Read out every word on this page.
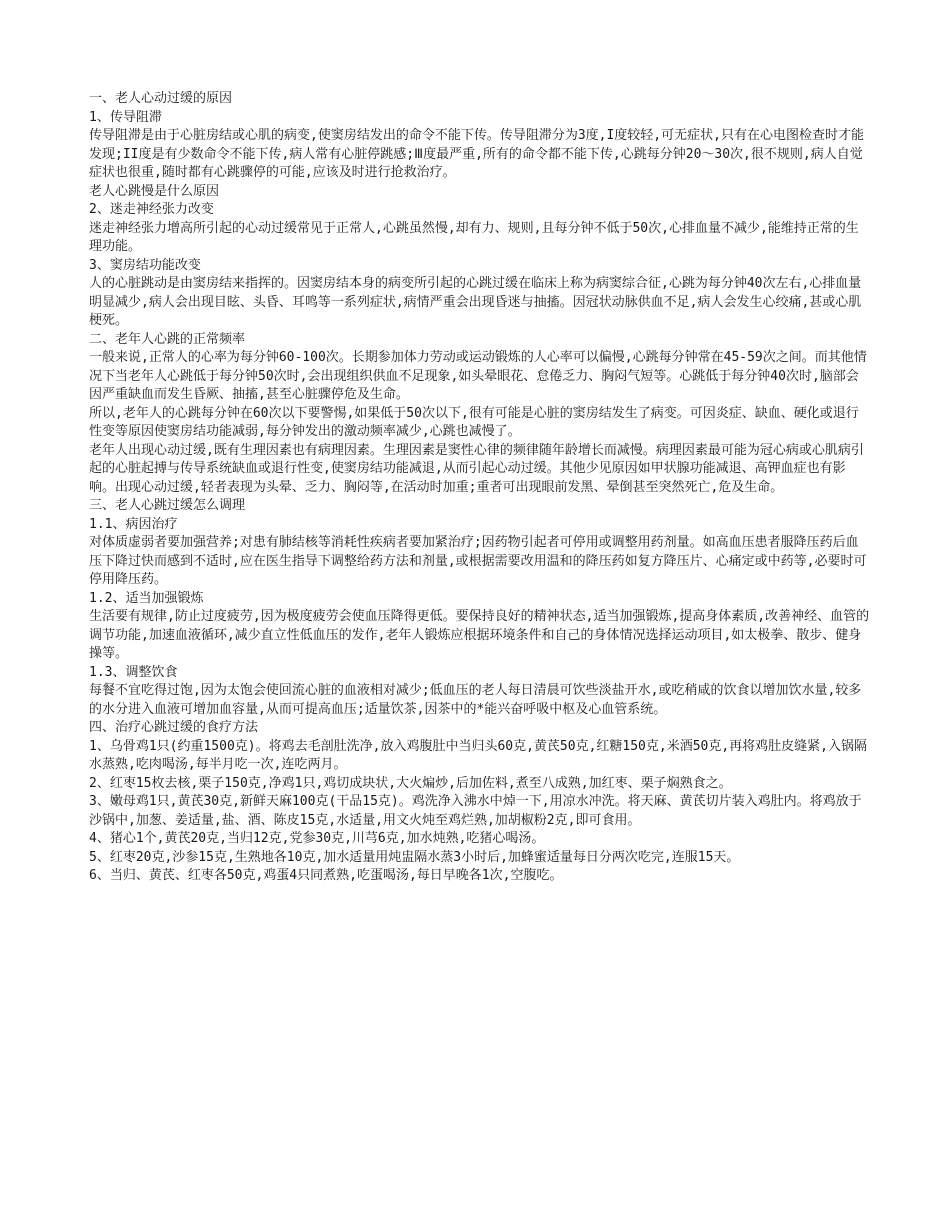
一、老人心动过缓的原因

1、传导阻滞

传导阻滞是由于心脏房结或心肌的病变,使窦房结发出的命令不能下传。传导阻滞分为3度,I度较轻,可无症状,只有在心电图检查时才能发现;II度是有少数命令不能下传,病人常有心脏停跳感;Ⅲ度最严重,所有的命令都不能下传,心跳每分钟20～30次,很不规则,病人自觉症状也很重,随时都有心跳骤停的可能,应该及时进行抢救治疗。

老人心跳慢是什么原因

2、迷走神经张力改变

迷走神经张力增高所引起的心动过缓常见于正常人,心跳虽然慢,却有力、规则,且每分钟不低于50次,心排血量不减少,能维持正常的生理功能。

3、窦房结功能改变

人的心脏跳动是由窦房结来指挥的。因窦房结本身的病变所引起的心跳过缓在临床上称为病窦综合征,心跳为每分钟40次左右,心排血量明显减少,病人会出现目眩、头昏、耳鸣等一系列症状,病情严重会出现昏迷与抽搐。因冠状动脉供血不足,病人会发生心绞痛,甚或心肌梗死。

二、老年人心跳的正常频率

一般来说,正常人的心率为每分钟60-100次。长期参加体力劳动或运动锻炼的人心率可以偏慢,心跳每分钟常在45-59次之间。而其他情况下当老年人心跳低于每分钟50次时,会出现组织供血不足现象,如头晕眼花、怠倦乏力、胸闷气短等。心跳低于每分钟40次时,脑部会因严重缺血而发生昏厥、抽搐,甚至心脏骤停危及生命。

所以,老年人的心跳每分钟在60次以下要警惕,如果低于50次以下,很有可能是心脏的窦房结发生了病变。可因炎症、缺血、硬化或退行性变等原因使窦房结功能减弱,每分钟发出的激动频率减少,心跳也减慢了。

老年人出现心动过缓,既有生理因素也有病理因素。生理因素是窦性心律的频律随年龄增长而减慢。病理因素最可能为冠心病或心肌病引起的心脏起搏与传导系统缺血或退行性变,使窦房结功能减退,从而引起心动过缓。其他少见原因如甲状腺功能减退、高钾血症也有影响。出现心动过缓,轻者表现为头晕、乏力、胸闷等,在活动时加重;重者可出现眼前发黑、晕倒甚至突然死亡,危及生命。

三、老人心跳过缓怎么调理

1.1、病因治疗

对体质虚弱者要加强营养;对患有肺结核等消耗性疾病者要加紧治疗;因药物引起者可停用或调整用药剂量。如高血压患者服降压药后血压下降过快而感到不适时,应在医生指导下调整给药方法和剂量,或根据需要改用温和的降压药如复方降压片、心痛定或中药等,必要时可停用降压药。

1.2、适当加强锻炼

生活要有规律,防止过度疲劳,因为极度疲劳会使血压降得更低。要保持良好的精神状态,适当加强锻炼,提高身体素质,改善神经、血管的调节功能,加速血液循环,减少直立性低血压的发作,老年人锻炼应根据环境条件和自己的身体情况选择运动项目,如太极拳、散步、健身操等。

1.3、调整饮食

每餐不宜吃得过饱,因为太饱会使回流心脏的血液相对减少;低血压的老人每日清晨可饮些淡盐开水,或吃稍咸的饮食以增加饮水量,较多的水分进入血液可增加血容量,从而可提高血压;适量饮茶,因茶中的*能兴奋呼吸中枢及心血管系统。

四、治疗心跳过缓的食疗方法

1、乌骨鸡1只(约重1500克)。将鸡去毛剖肚洗净,放入鸡腹肚中当归头60克,黄芪50克,红糖150克,米酒50克,再将鸡肚皮缝紧,入锅隔水蒸熟,吃肉喝汤,每半月吃一次,连吃两月。

2、红枣15枚去核,栗子150克,净鸡1只,鸡切成块状,大火煸炒,后加佐料,煮至八成熟,加红枣、栗子焖熟食之。

3、嫩母鸡1只,黄芪30克,新鲜天麻100克(干品15克)。鸡洗净入沸水中焯一下,用凉水冲洗。将天麻、黄芪切片装入鸡肚内。将鸡放于沙锅中,加葱、姜适量,盐、酒、陈皮15克,水适量,用文火炖至鸡烂熟,加胡椒粉2克,即可食用。

4、猪心1个,黄芪20克,当归12克,党参30克,川芎6克,加水炖熟,吃猪心喝汤。

5、红枣20克,沙参15克,生熟地各10克,加水适量用炖盅隔水蒸3小时后,加蜂蜜适量每日分两次吃完,连服15天。

6、当归、黄芪、红枣各50克,鸡蛋4只同煮熟,吃蛋喝汤,每日早晚各1次,空腹吃。
